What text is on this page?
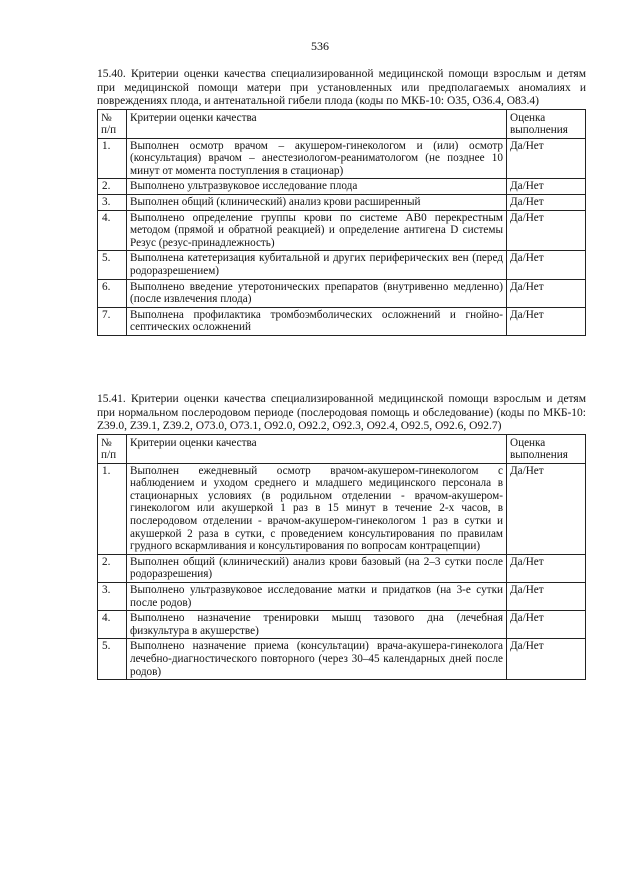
536
15.40. Критерии оценки качества специализированной медицинской помощи взрослым и детям при медицинской помощи матери при установленных или предполагаемых аномалиях и повреждениях плода, и антенатальной гибели плода (коды по МКБ-10: O35, O36.4, O83.4)
№ п/п	Критерии оценки качества	Оценка выполнения
1.	Выполнен осмотр врачом – акушером-гинекологом и (или) осмотр (консультация) врачом – анестезиологом-реаниматологом (не позднее 10 минут от момента поступления в стационар)	Да/Нет
2.	Выполнено ультразвуковое исследование плода	Да/Нет
3.	Выполнен общий (клинический) анализ крови расширенный	Да/Нет
4.	Выполнено определение группы крови по системе AB0 перекрестным методом (прямой и обратной реакцией) и определение антигена D системы Резус (резус-принадлежность)	Да/Нет
5.	Выполнена катетеризация кубитальной и других периферических вен (перед родоразрешением)	Да/Нет
6.	Выполнено введение утеротонических препаратов (внутривенно медленно) (после извлечения плода)	Да/Нет
7.	Выполнена профилактика тромбоэмболических осложнений и гнойно-септических осложнений	Да/Нет
15.41. Критерии оценки качества специализированной медицинской помощи взрослым и детям при нормальном послеродовом периоде (послеродовая помощь и обследование) (коды по МКБ-10: Z39.0, Z39.1, Z39.2, O73.0, O73.1, O92.0, O92.2, O92.3, O92.4, O92.5, O92.6, O92.7)
№ п/п	Критерии оценки качества	Оценка выполнения
1.	Выполнен ежедневный осмотр врачом-акушером-гинекологом с наблюдением и уходом среднего и младшего медицинского персонала в стационарных условиях (в родильном отделении - врачом-акушером-гинекологом или акушеркой 1 раз в 15 минут в течение 2-х часов, в послеродовом отделении - врачом-акушером-гинекологом 1 раз в сутки и акушеркой 2 раза в сутки, с проведением консультирования по правилам грудного вскармливания и консультирования по вопросам контрацепции)	Да/Нет
2.	Выполнен общий (клинический) анализ крови базовый (на 2–3 сутки после родоразрешения)	Да/Нет
3.	Выполнено ультразвуковое исследование матки и придатков (на 3-е сутки после родов)	Да/Нет
4.	Выполнено назначение тренировки мышц тазового дна (лечебная физкультура в акушерстве)	Да/Нет
5.	Выполнено назначение приема (консультации) врача-акушера-гинеколога лечебно-диагностического повторного (через 30–45 календарных дней после родов)	Да/Нет
